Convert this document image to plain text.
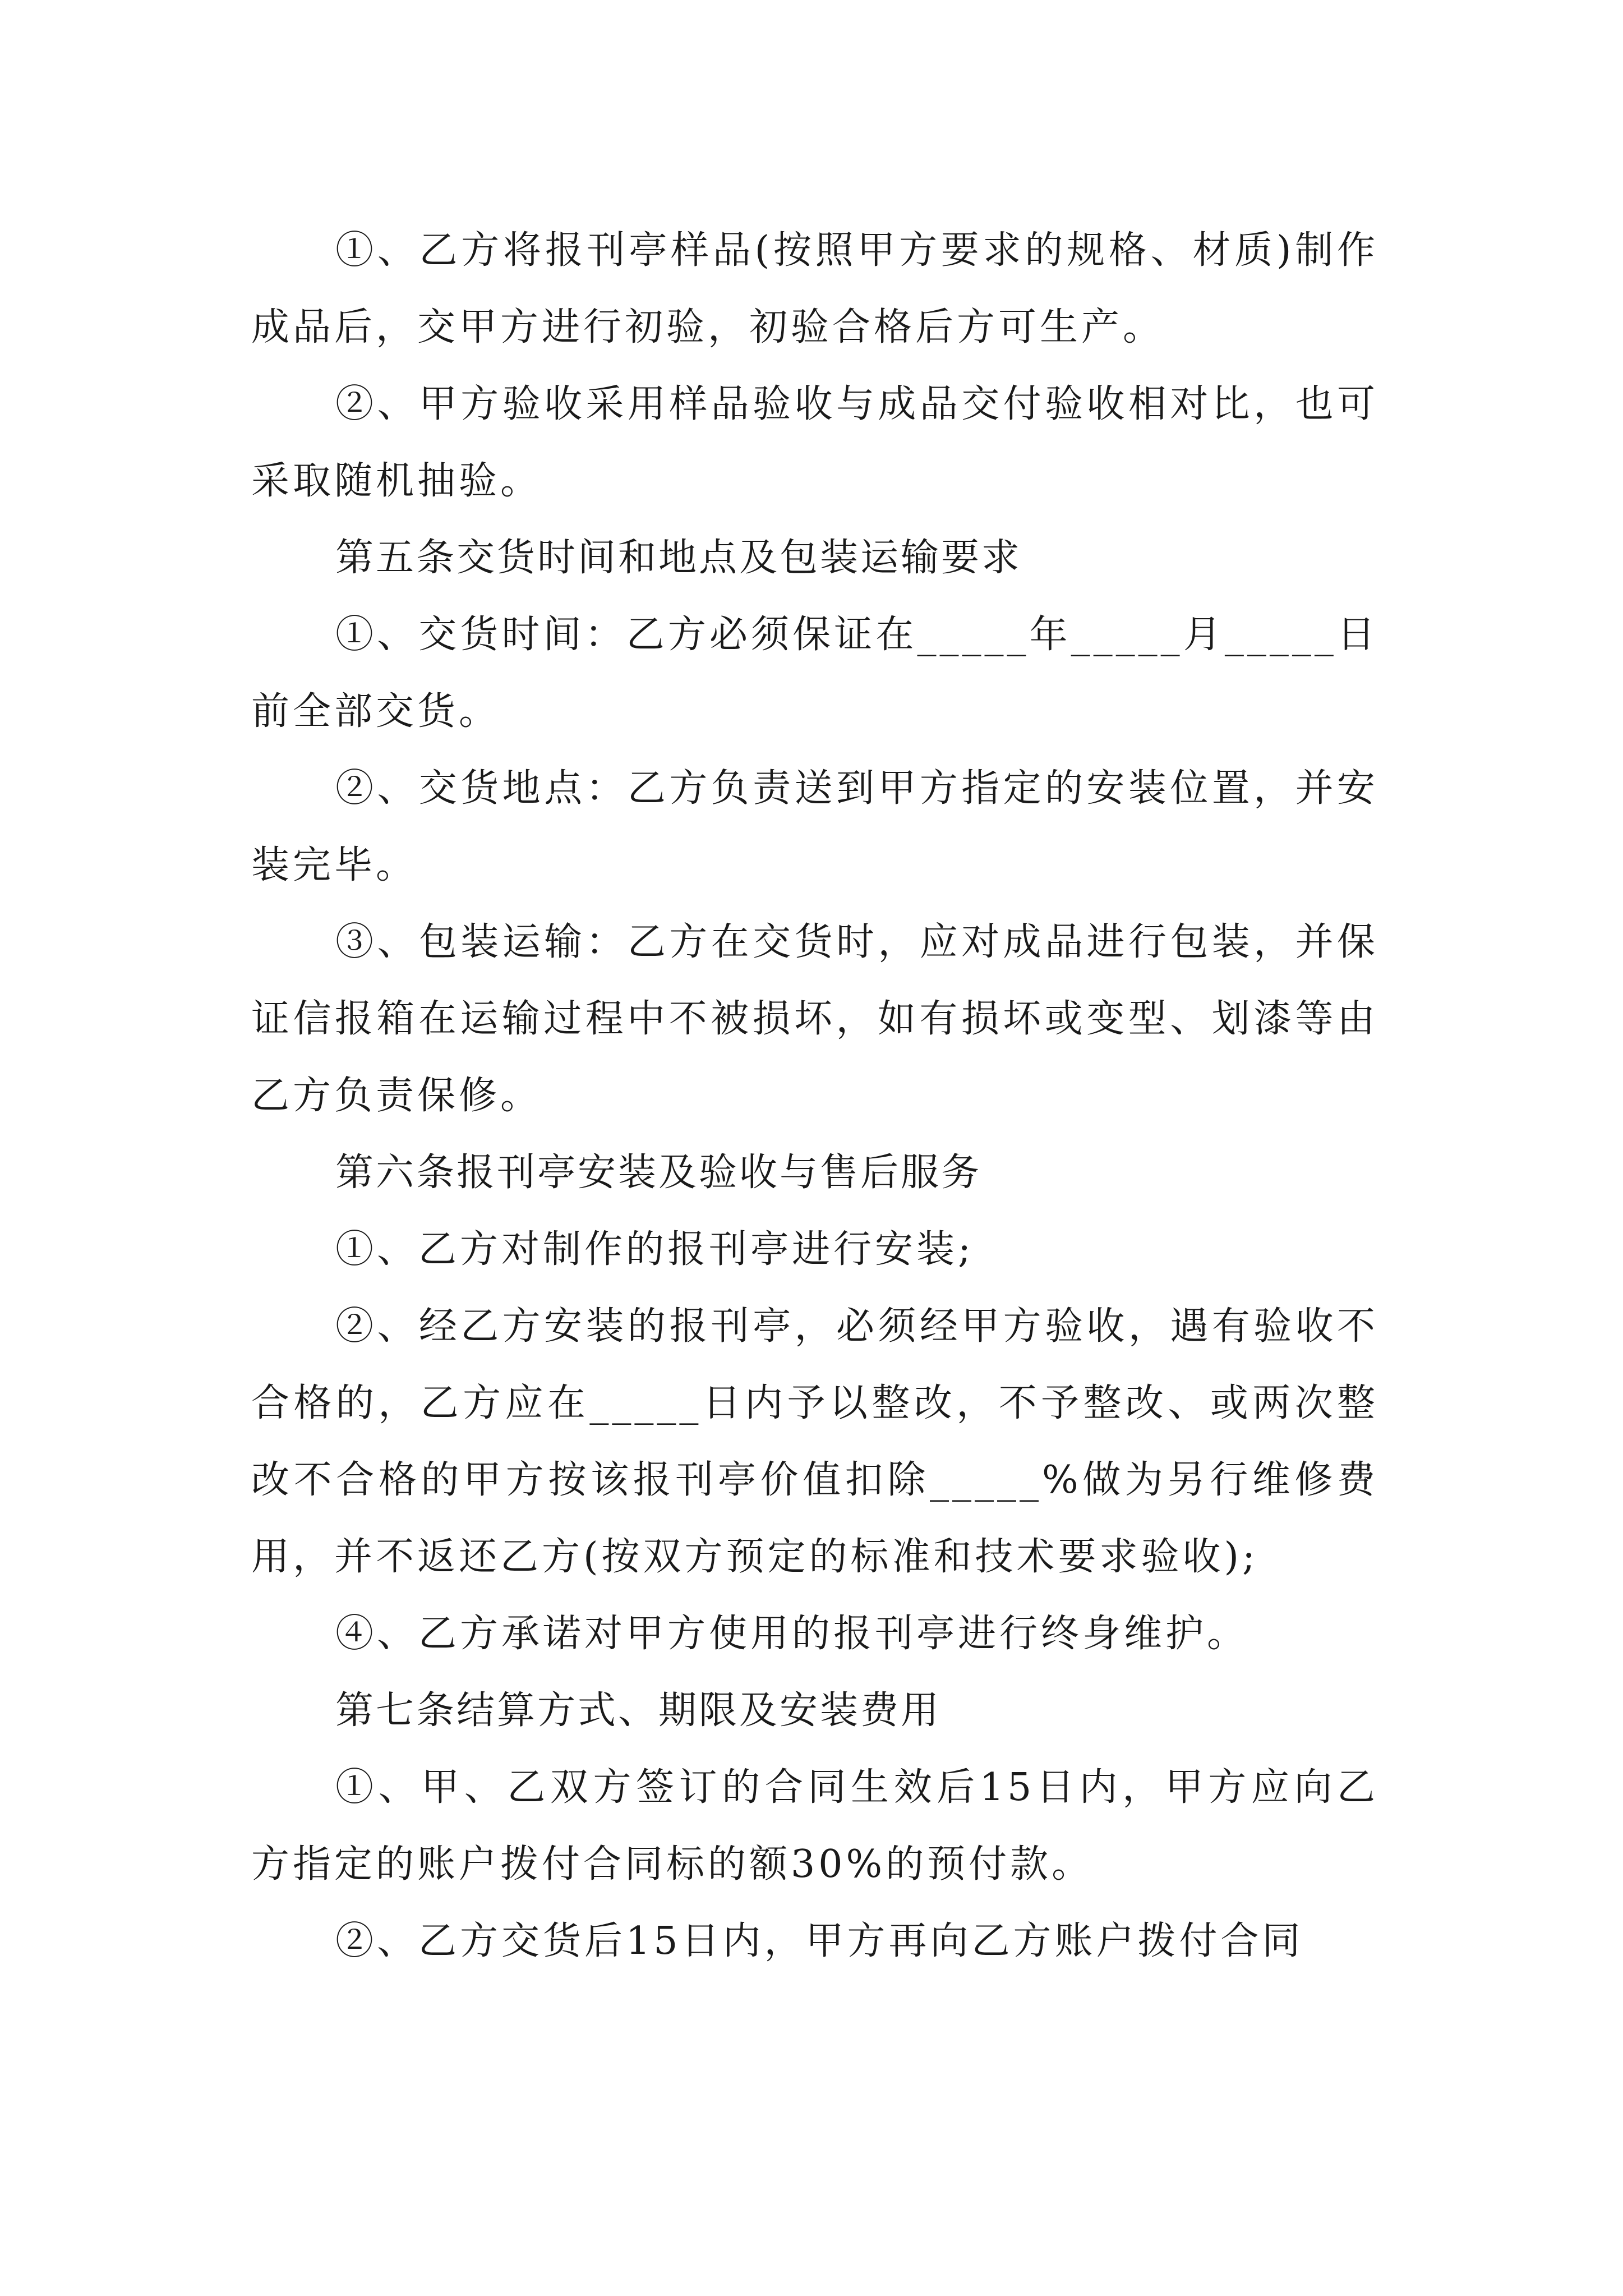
①、乙方将报刊亭样品(按照甲方要求的规格、材质)制作成品后，交甲方进行初验，初验合格后方可生产。

②、甲方验收采用样品验收与成品交付验收相对比，也可采取随机抽验。

第五条交货时间和地点及包装运输要求

①、交货时间：乙方必须保证在_____年_____月_____日前全部交货。

②、交货地点：乙方负责送到甲方指定的安装位置，并安装完毕。

③、包装运输：乙方在交货时，应对成品进行包装，并保证信报箱在运输过程中不被损坏，如有损坏或变型、划漆等由乙方负责保修。

第六条报刊亭安装及验收与售后服务

①、乙方对制作的报刊亭进行安装;

②、经乙方安装的报刊亭，必须经甲方验收，遇有验收不合格的，乙方应在_____日内予以整改，不予整改、或两次整改不合格的甲方按该报刊亭价值扣除_____%做为另行维修费用，并不返还乙方(按双方预定的标准和技术要求验收);

④、乙方承诺对甲方使用的报刊亭进行终身维护。

第七条结算方式、期限及安装费用

①、甲、乙双方签订的合同生效后15日内，甲方应向乙方指定的账户拨付合同标的额30%的预付款。

②、乙方交货后15日内，甲方再向乙方账户拨付合同
